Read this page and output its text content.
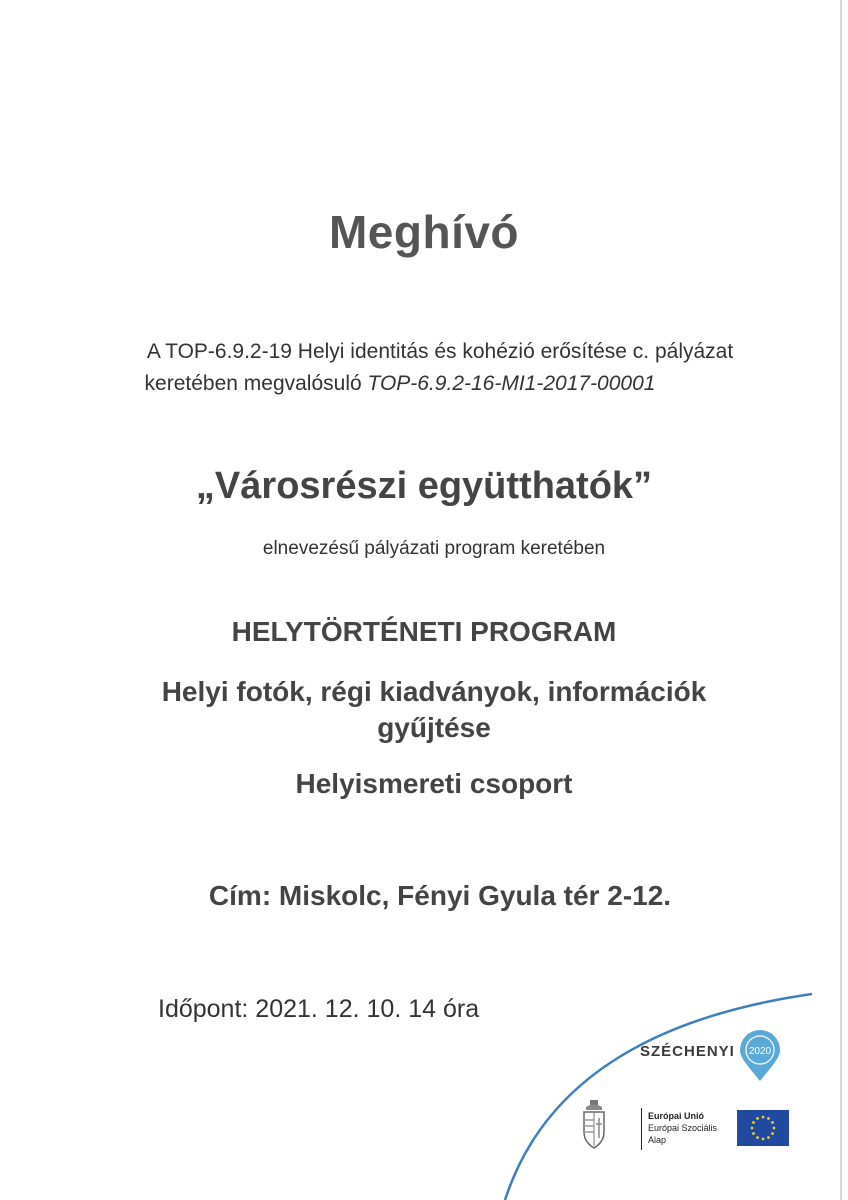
Meghívó
A TOP-6.9.2-19 Helyi identitás és kohézió erősítése c. pályázat
keretében megvalósuló TOP-6.9.2-16-MI1-2017-00001
„Városrészi együtthatók”
elnevezésű pályázati program keretében
HELYTÖRTÉNETI PROGRAM
Helyi fotók, régi kiadványok, információk
gyűjtése
Helyismereti csoport
Cím: Miskolc, Fényi Gyula tér 2-12.
Időpont: 2021. 12. 10. 14 óra
SZÉCHENYI 2020
Európai Unió
Európai Szociális
Alap
